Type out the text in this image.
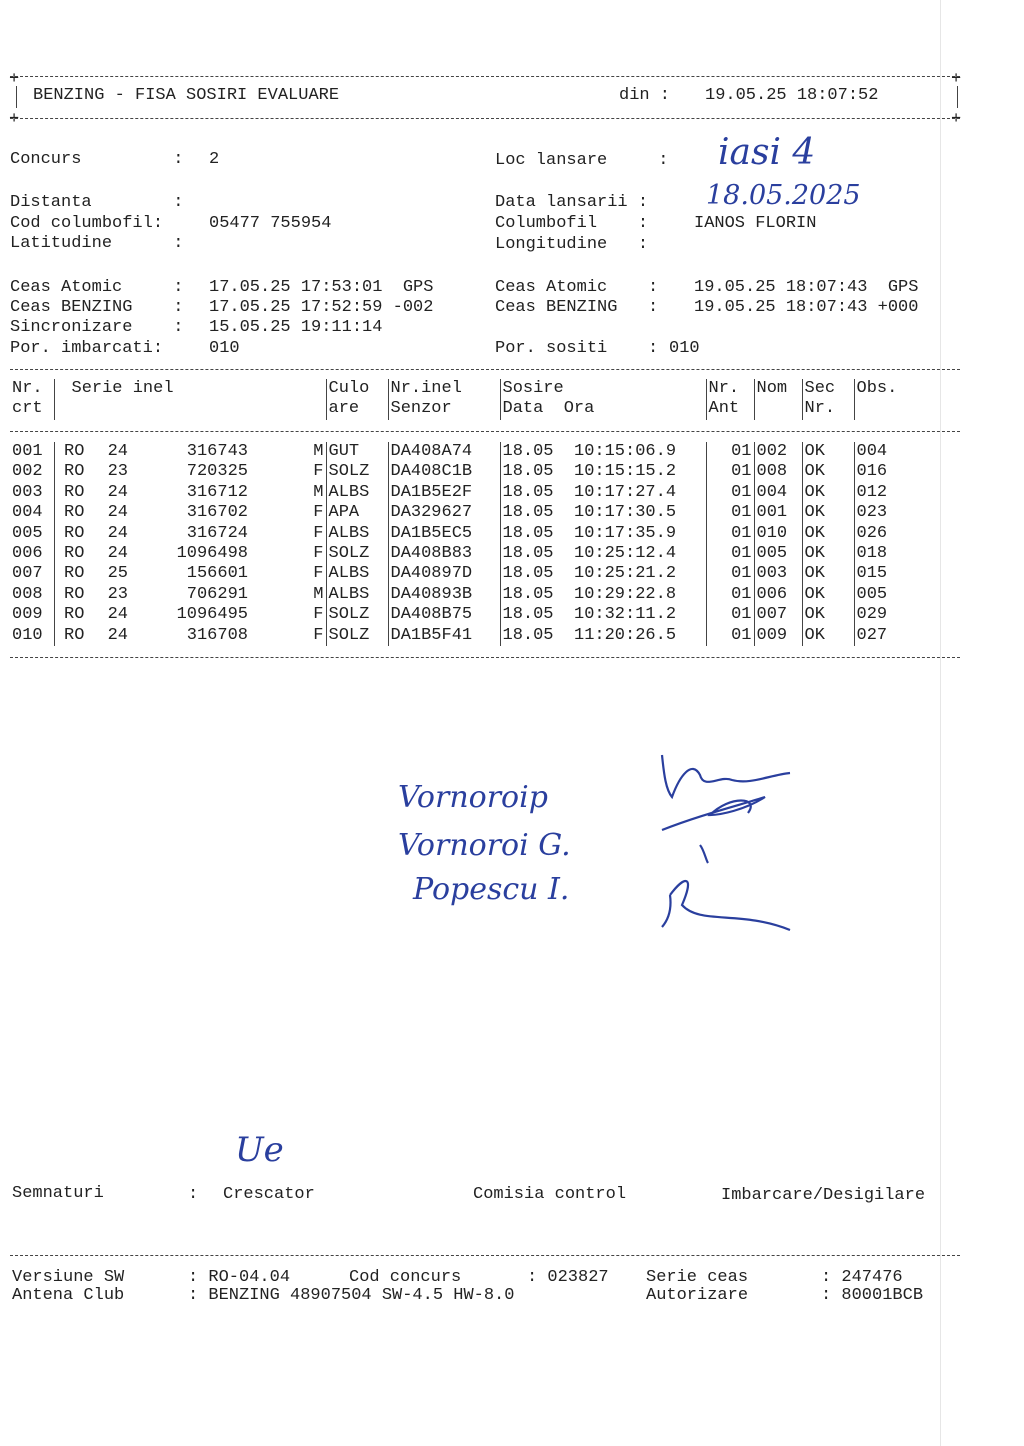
+	+
BENZING - FISA SOSIRI EVALUARE	din : 19.05.25 18:07:52
+	+
Concurs         : 2	Loc lansare     : iasi 4
Distanta        :	Data lansarii : 18.05.2025
Cod columbofil:	05477 755954	Columbofil    :	IANOS FLORIN
Latitudine      :	Longitudine   :
Ceas Atomic     : 17.05.25 17:53:01  GPS
Ceas BENZING    : 17.05.25 17:52:59 -002
Sincronizare    : 15.05.25 19:11:14
Por. imbarcati:	010
Ceas Atomic    : 19.05.25 18:07:43  GPS
Ceas BENZING   : 19.05.25 18:07:43 +000
Por. sositi    : 010
Nr.	Serie inel	Culo	Nr.inel	Sosire	Nr.	Nom	Sec	Obs.
crt		are	Senzor	Data Ora	Ant		Nr.	
001	RO	24	316743	M	GUT	DA408A74	18.05	10:15:06.9	01	002	OK	004
002	RO	23	720325	F	SOLZ	DA408C1B	18.05	10:15:15.2	01	008	OK	016
003	RO	24	316712	M	ALBS	DA1B5E2F	18.05	10:17:27.4	01	004	OK	012
004	RO	24	316702	F	APA	DA329627	18.05	10:17:30.5	01	001	OK	023
005	RO	24	316724	F	ALBS	DA1B5EC5	18.05	10:17:35.9	01	010	OK	026
006	RO	24	1096498	F	SOLZ	DA408B83	18.05	10:25:12.4	01	005	OK	018
007	RO	25	156601	F	ALBS	DA40897D	18.05	10:25:21.2	01	003	OK	015
008	RO	23	706291	M	ALBS	DA40893B	18.05	10:29:22.8	01	006	OK	005
009	RO	24	1096495	F	SOLZ	DA408B75	18.05	10:32:11.2	01	007	OK	029
010	RO	24	316708	F	SOLZ	DA1B5F41	18.05	11:20:26.5	01	009	OK	027
Vornoroip
Vornoroi G.
Popescu I.
Ue
Semnaturi	: Crescator	Comisia control	Imbarcare/Desigilare
Versiune SW	: RO-04.04	Cod concurs	: 023827 Serie ceas	: 247476
Antena Club	: BENZING 48907504 SW-4.5 HW-8.0	Autorizare	: 80001BCB
